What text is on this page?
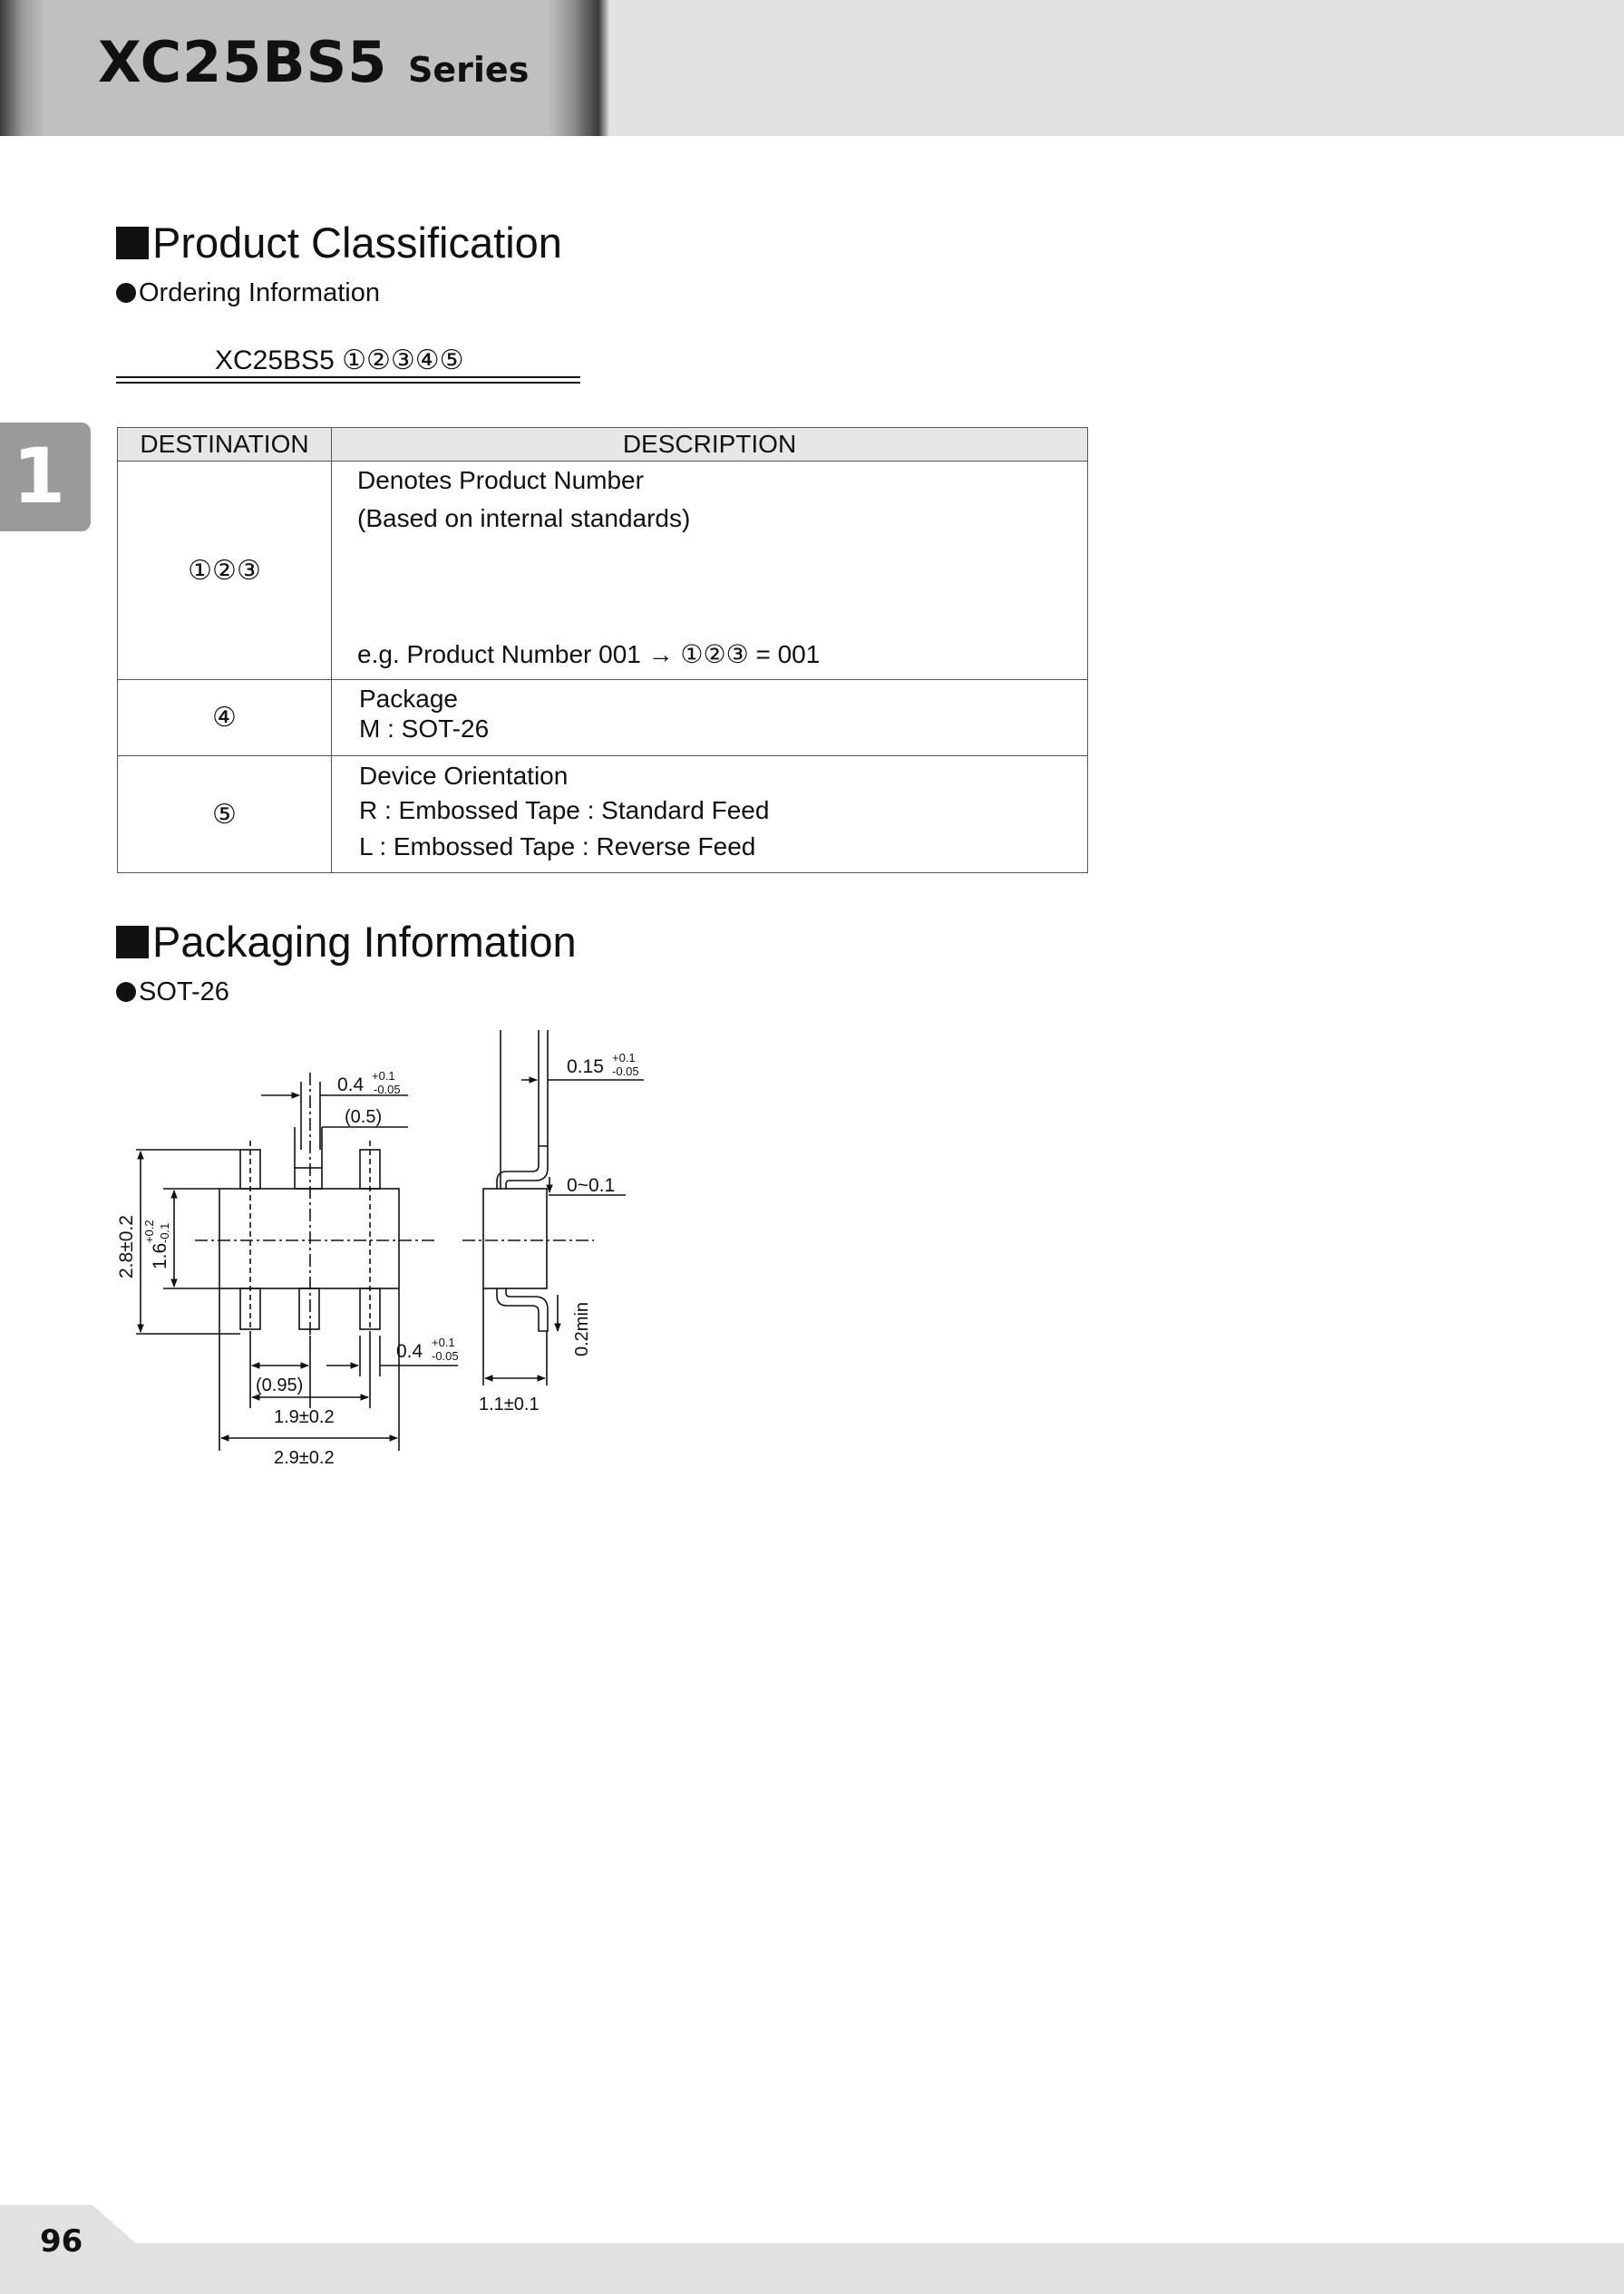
XC25BS5 Series
1
Product Classification
Ordering Information
XC25BS5 ①②③④⑤
DESTINATION	DESCRIPTION
①②③	Denotes Product Number
(Based on internal standards)
e.g. Product Number 001 → ①②③ = 001

④	Package
M : SOT-26

⑤	Device Orientation
R : Embossed Tape : Standard Feed
L : Embossed Tape : Reverse Feed
Packaging Information
SOT-26
0.4 +0.1
-0.05
(0.5)
0.15 +0.1
-0.05
0~0.1
2.8±0.2 1.6
+0.2 -0.1
0.2min
0.4 +0.1
-0.05
(0.95)
1.9±0.2
2.9±0.2
1.1±0.1
96
